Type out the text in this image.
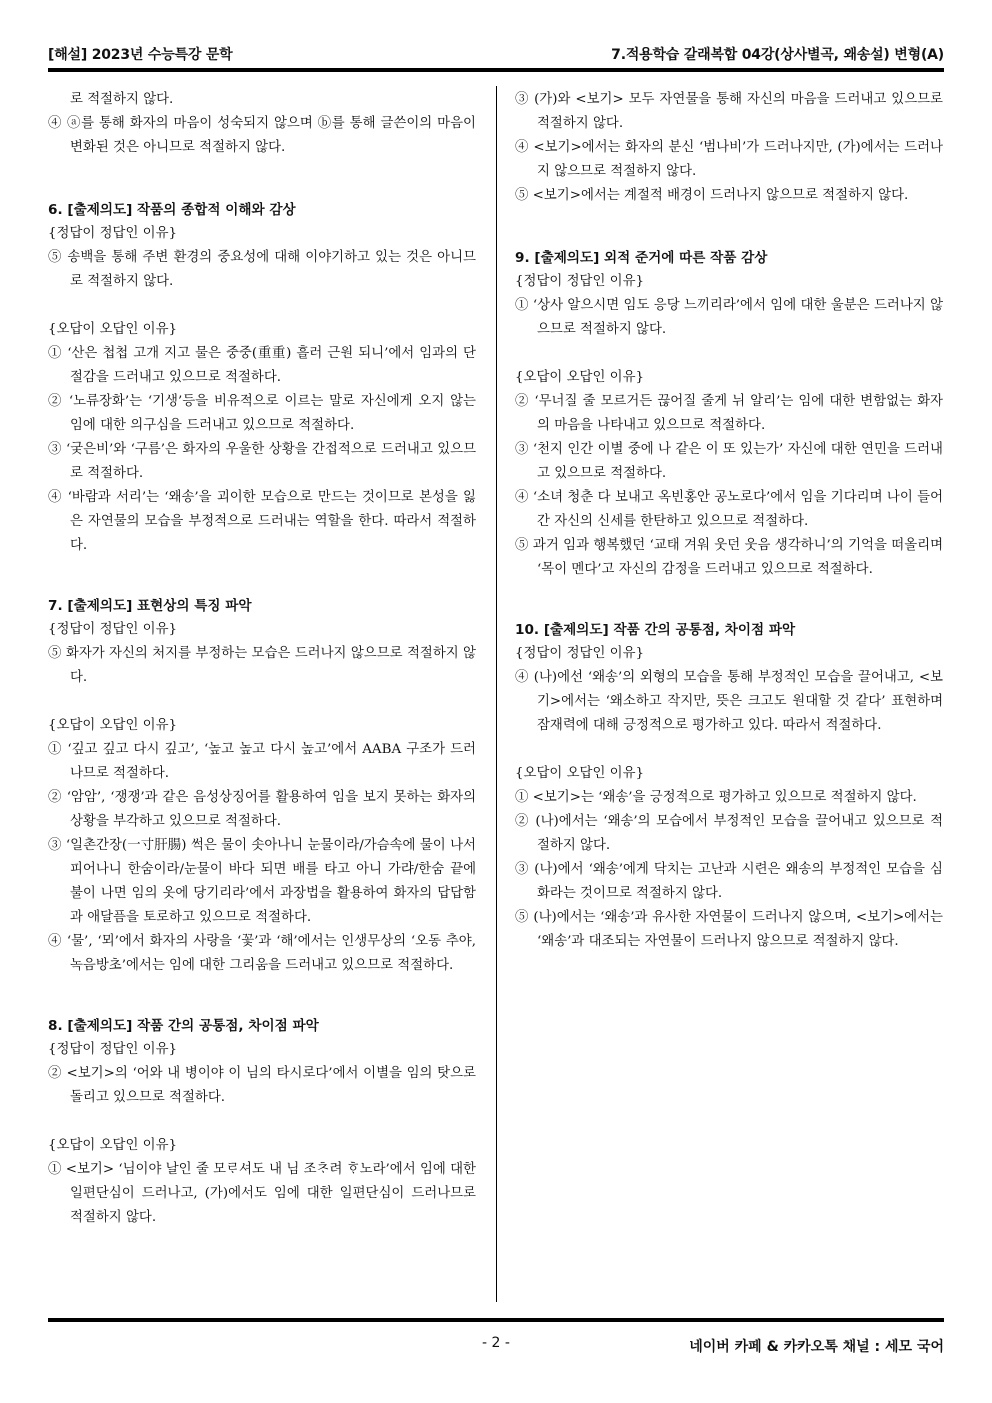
[해설] 2023년 수능특강 문학	7.적용학습 갈래복합 04강(상사별곡, 왜송설) 변형(A)

로 적절하지 않다.

④ ⓐ를 통해 화자의 마음이 성숙되지 않으며 ⓑ를 통해 글쓴이의 마음이 변화된 것은 아니므로 적절하지 않다.

6. [출제의도] 작품의 종합적 이해와 감상

{정답이 정답인 이유}

⑤ 송백을 통해 주변 환경의 중요성에 대해 이야기하고 있는 것은 아니므로 적절하지 않다.

{오답이 오답인 이유}

① ‘산은 첩첩 고개 지고 물은 중중(重重) 흘러 근원 되니’에서 임과의 단절감을 드러내고 있으므로 적절하다.

② ‘노류장화’는 ‘기생’등을 비유적으로 이르는 말로 자신에게 오지 않는 임에 대한 의구심을 드러내고 있으므로 적절하다.

③ ‘궂은비’와 ‘구름’은 화자의 우울한 상황을 간접적으로 드러내고 있으므로 적절하다.

④ ‘바람과 서리’는 ‘왜송’을 괴이한 모습으로 만드는 것이므로 본성을 잃은 자연물의 모습을 부정적으로 드러내는 역할을 한다. 따라서 적절하다.

7. [출제의도] 표현상의 특징 파악

{정답이 정답인 이유}

⑤ 화자가 자신의 처지를 부정하는 모습은 드러나지 않으므로 적절하지 않다.

{오답이 오답인 이유}

① ‘깊고 깊고 다시 깊고’, ‘높고 높고 다시 높고’에서 AABA 구조가 드러나므로 적절하다.

② ‘암암’, ‘쟁쟁’과 같은 음성상징어를 활용하여 임을 보지 못하는 화자의 상황을 부각하고 있으므로 적절하다.

③ ‘일촌간장(一寸肝腸) 썩은 물이 솟아나니 눈물이라/가슴속에 물이 나서 피어나니 한숨이라/눈물이 바다 되면 배를 타고 아니 가랴/한숨 끝에 불이 나면 임의 옷에 당기리라’에서 과장법을 활용하여 화자의 답답함과 애달픔을 토로하고 있으므로 적절하다.

④ ‘물’, ‘뫼’에서 화자의 사랑을 ‘꽃’과 ‘해’에서는 인생무상의 ‘오동 추야, 녹음방초’에서는 임에 대한 그리움을 드러내고 있으므로 적절하다.

8. [출제의도] 작품 간의 공통점, 차이점 파악

{정답이 정답인 이유}

② <보기>의 ‘어와 내 병이야 이 님의 타시로다’에서 이별을 임의 탓으로 돌리고 있으므로 적절하다.

{오답이 오답인 이유}

① <보기> ‘님이야 날인 줄 모ᄅᆞ셔도 내 님 조ᄎᆞ려 ᄒᆞ노라’에서 임에 대한 일편단심이 드러나고, (가)에서도 임에 대한 일편단심이 드러나므로 적절하지 않다.

③ (가)와 <보기> 모두 자연물을 통해 자신의 마음을 드러내고 있으므로 적절하지 않다.

④ <보기>에서는 화자의 분신 ‘범나비’가 드러나지만, (가)에서는 드러나지 않으므로 적절하지 않다.

⑤ <보기>에서는 계절적 배경이 드러나지 않으므로 적절하지 않다.

9. [출제의도] 외적 준거에 따른 작품 감상

{정답이 정답인 이유}

① ‘상사 알으시면 임도 응당 느끼리라’에서 임에 대한 울분은 드러나지 않으므로 적절하지 않다.

{오답이 오답인 이유}

② ‘무너질 줄 모르거든 끊어질 줄게 뉘 알리’는 임에 대한 변함없는 화자의 마음을 나타내고 있으므로 적절하다.

③ ‘천지 인간 이별 중에 나 같은 이 또 있는가’ 자신에 대한 연민을 드러내고 있으므로 적절하다.

④ ‘소녀 청춘 다 보내고 옥빈홍안 공노로다’에서 임을 기다리며 나이 들어간 자신의 신세를 한탄하고 있으므로 적절하다.

⑤ 과거 임과 행복했던 ‘교태 겨워 웃던 웃음 생각하니’의 기억을 떠올리며 ‘목이 멘다’고 자신의 감정을 드러내고 있으므로 적절하다.

10. [출제의도] 작품 간의 공통점, 차이점 파악

{정답이 정답인 이유}

④ (나)에선 ‘왜송’의 외형의 모습을 통해 부정적인 모습을 끌어내고, <보기>에서는 ‘왜소하고 작지만, 뜻은 크고도 원대할 것 같다’ 표현하며 잠재력에 대해 긍정적으로 평가하고 있다. 따라서 적절하다.

{오답이 오답인 이유}

① <보기>는 ‘왜송’을 긍정적으로 평가하고 있으므로 적절하지 않다.

② (나)에서는 ‘왜송’의 모습에서 부정적인 모습을 끌어내고 있으므로 적절하지 않다.

③ (나)에서 ‘왜송’에게 닥치는 고난과 시련은 왜송의 부정적인 모습을 심화라는 것이므로 적절하지 않다.

⑤ (나)에서는 ‘왜송’과 유사한 자연물이 드러나지 않으며, <보기>에서는 ‘왜송’과 대조되는 자연물이 드러나지 않으므로 적절하지 않다.

- 2 -	네이버 카페 & 카카오톡 채널 : 세모 국어
